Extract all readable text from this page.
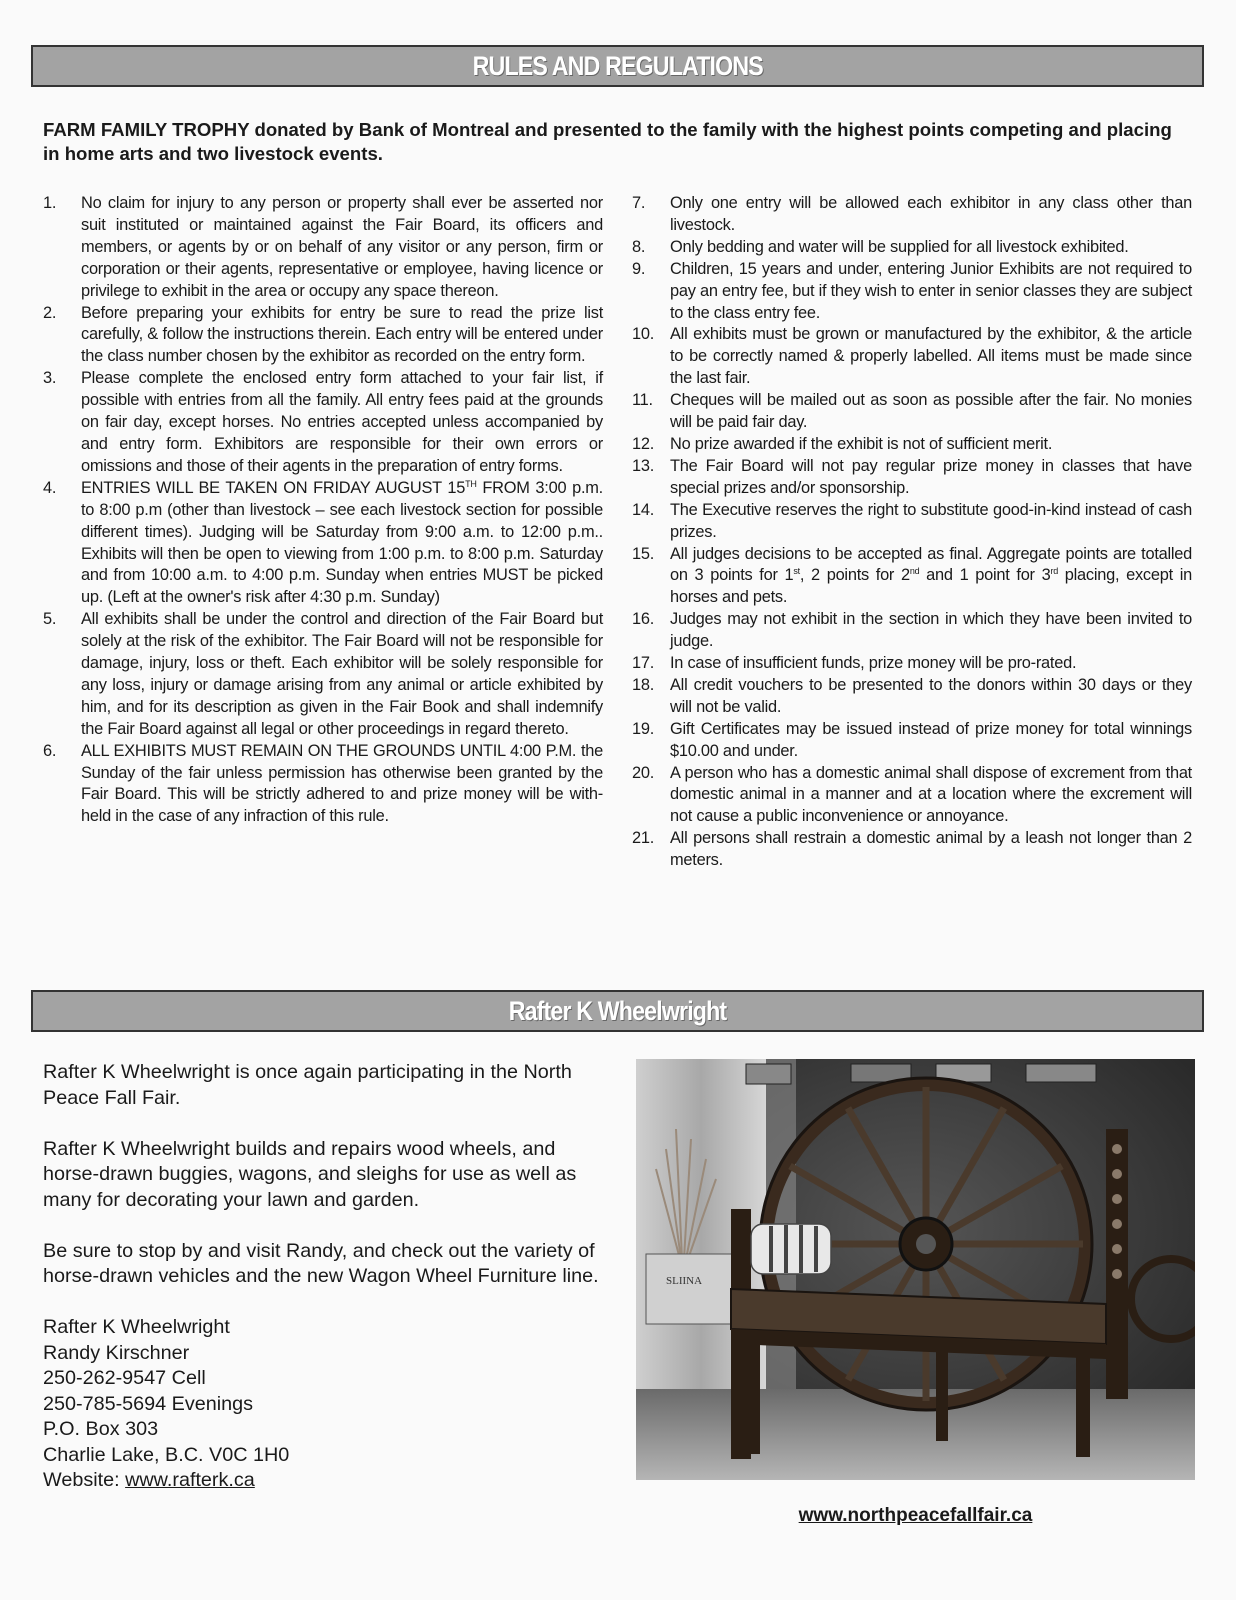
RULES AND REGULATIONS
FARM FAMILY TROPHY donated by Bank of Montreal and presented to the family with the highest points competing and placing in home arts and two livestock events.
1.	No claim for injury to any person or property shall ever be asserted nor suit instituted or maintained against the Fair Board, its officers and members, or agents by or on behalf of any visitor or any person, firm or corporation or their agents, representative or employee, having licence or privilege to exhibit in the area or occupy any space thereon.
2.	Before preparing your exhibits for entry be sure to read the prize list carefully, & follow the instructions therein. Each entry will be entered under the class number chosen by the exhibitor as recorded on the entry form.
3.	Please complete the enclosed entry form attached to your fair list, if possible with entries from all the family. All entry fees paid at the grounds on fair day, except horses. No entries accepted unless accompanied by and entry form. Exhibitors are responsible for their own errors or omissions and those of their agents in the preparation of entry forms.
4.	ENTRIES WILL BE TAKEN ON FRIDAY AUGUST 15TH FROM 3:00 p.m. to 8:00 p.m (other than livestock – see each livestock section for possible different times). Judging will be Saturday from 9:00 a.m. to 12:00 p.m.. Exhibits will then be open to viewing from 1:00 p.m. to 8:00 p.m. Saturday and from 10:00 a.m. to 4:00 p.m. Sunday when entries MUST be picked up. (Left at the owner's risk after 4:30 p.m. Sunday)
5.	All exhibits shall be under the control and direction of the Fair Board but solely at the risk of the exhibitor. The Fair Board will not be responsible for damage, injury, loss or theft. Each exhibitor will be solely responsible for any loss, injury or damage arising from any animal or article exhibited by him, and for its description as given in the Fair Book and shall indemnify the Fair Board against all legal or other proceedings in regard thereto.
6.	ALL EXHIBITS MUST REMAIN ON THE GROUNDS UNTIL 4:00 P.M. the Sunday of the fair unless permission has otherwise been granted by the Fair Board. This will be strictly adhered to and prize money will be with-held in the case of any infraction of this rule.
7.	Only one entry will be allowed each exhibitor in any class other than livestock.
8.	Only bedding and water will be supplied for all livestock exhibited.
9.	Children, 15 years and under, entering Junior Exhibits are not required to pay an entry fee, but if they wish to enter in senior classes they are subject to the class entry fee.
10. All exhibits must be grown or manufactured by the exhibitor, & the article to be correctly named & properly labelled. All items must be made since the last fair.
11.	Cheques will be mailed out as soon as possible after the fair. No monies will be paid fair day.
12. No prize awarded if the exhibit is not of sufficient merit.
13. The Fair Board will not pay regular prize money in classes that have special prizes and/or sponsorship.
14. The Executive reserves the right to substitute good-in-kind instead of cash prizes.
15. All judges decisions to be accepted as final. Aggregate points are totalled on 3 points for 1st, 2 points for 2nd and 1 point for 3rd placing, except in horses and pets.
16. Judges may not exhibit in the section in which they have been invited to judge.
17. In case of insufficient funds, prize money will be pro-rated.
18. All credit vouchers to be presented to the donors within 30 days or they will not be valid.
19. Gift Certificates may be issued instead of prize money for total winnings $10.00 and under.
20. A person who has a domestic animal shall dispose of excrement from that domestic animal in a manner and at a location where the excrement will not cause a public inconvenience or annoyance.
21. All persons shall restrain a domestic animal by a leash not longer than 2 meters.
Rafter K Wheelwright

Rafter K Wheelwright is once again participating in the North Peace Fall Fair.

Rafter K Wheelwright builds and repairs wood wheels, and horse-drawn buggies, wagons, and sleighs for use as well as many for decorating your lawn and garden.

Be sure to stop by and visit Randy, and check out the variety of horse-drawn vehicles and the new Wagon Wheel Furniture line.

Rafter K Wheelwright
Randy Kirschner
250-262-9547 Cell
250-785-5694 Evenings
P.O. Box 303
Charlie Lake, B.C. V0C 1H0
Website: www.rafterk.ca
SLIINA
www.northpeacefallfair.ca
